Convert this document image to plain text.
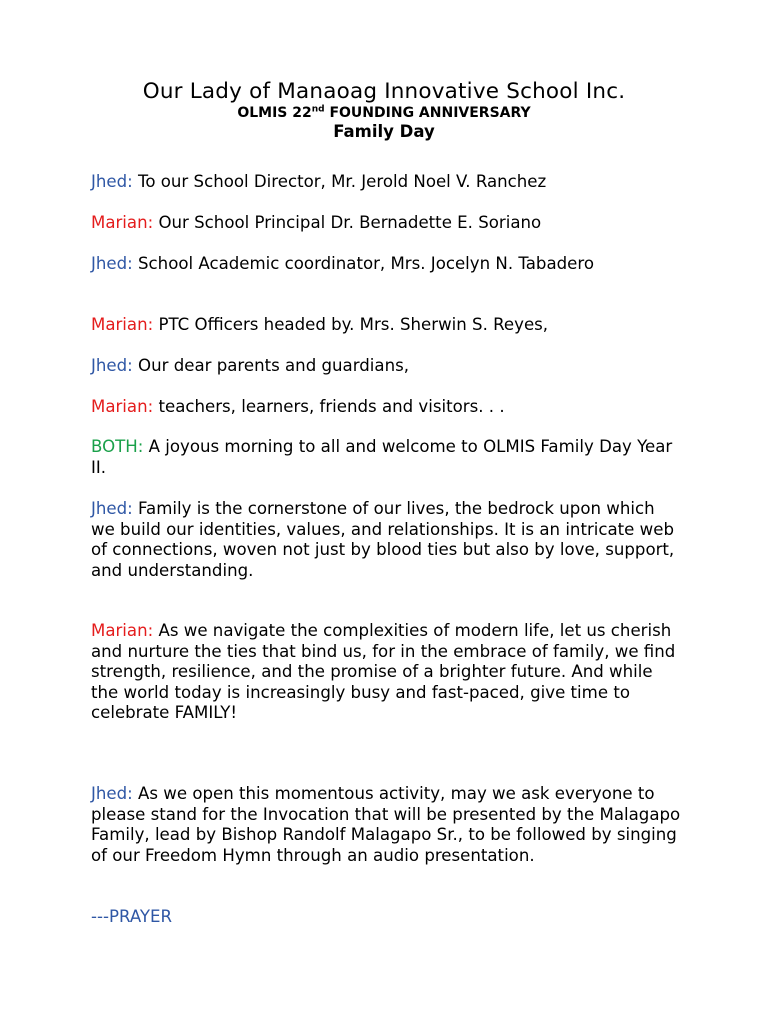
Our Lady of Manaoag Innovative School Inc.
OLMIS 22nd FOUNDING ANNIVERSARY
Family Day

Jhed: To our School Director, Mr. Jerold Noel V. Ranchez

Marian: Our School Principal Dr. Bernadette E. Soriano

Jhed: School Academic coordinator, Mrs. Jocelyn N. Tabadero

Marian: PTC Officers headed by. Mrs. Sherwin S. Reyes,

Jhed: Our dear parents and guardians,

Marian: teachers, learners, friends and visitors. . .

BOTH: A joyous morning to all and welcome to OLMIS Family Day Year II.

Jhed: Family is the cornerstone of our lives, the bedrock upon which we build our identities, values, and relationships. It is an intricate web of connections, woven not just by blood ties but also by love, support, and understanding.

Marian: As we navigate the complexities of modern life, let us cherish and nurture the ties that bind us, for in the embrace of family, we find strength, resilience, and the promise of a brighter future. And while the world today is increasingly busy and fast-paced, give time to celebrate FAMILY!

Jhed: As we open this momentous activity, may we ask everyone to please stand for the Invocation that will be presented by the Malagapo Family, lead by Bishop Randolf Malagapo Sr., to be followed by singing of our Freedom Hymn through an audio presentation.

---PRAYER
